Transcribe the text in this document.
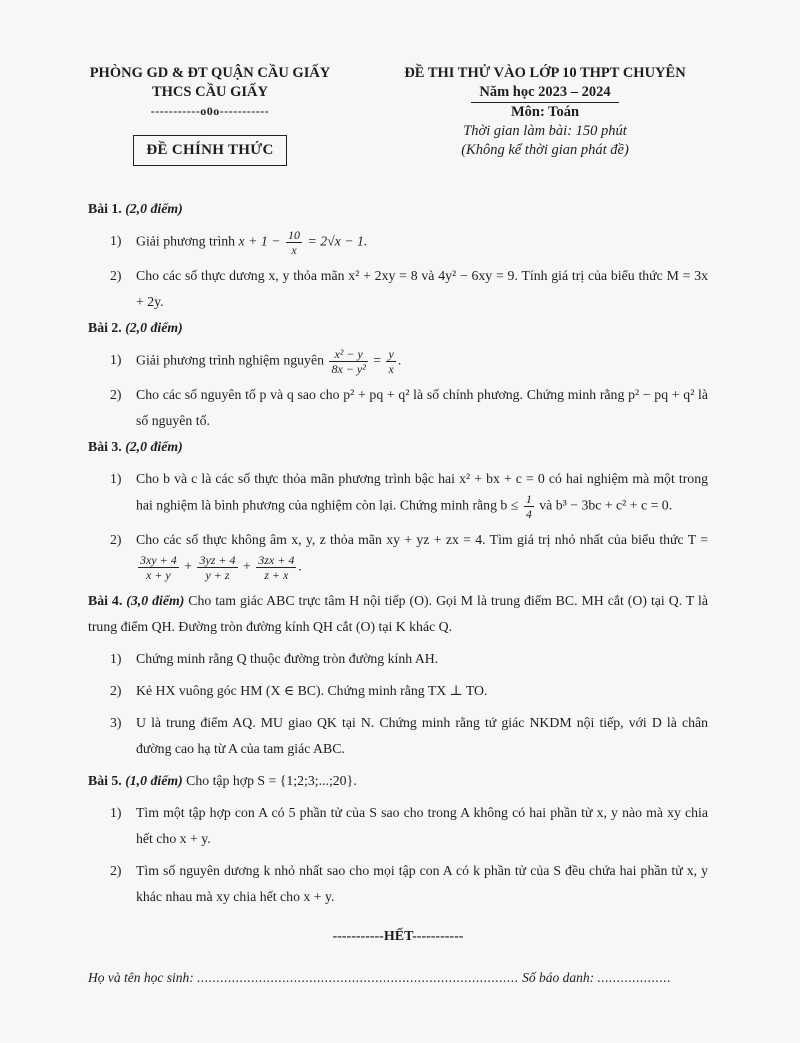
PHÒNG GD & ĐT QUẬN CẦU GIẤY
THCS CẦU GIẤY
-----------o0o-----------
ĐỀ CHÍNH THỨC
ĐỀ THI THỬ VÀO LỚP 10 THPT CHUYÊN
Năm học 2023 – 2024
Môn: Toán
Thời gian làm bài: 150 phút
(Không kể thời gian phát đề)
Bài 1. (2,0 điểm)
1)	Giải phương trình $x + 1 - \frac{10}{x} = 2√x - 1$.
2)	Cho các số thực dương x, y thỏa mãn x² + 2xy = 8 và 4y² − 6xy = 9. Tính giá trị của biểu thức M = 3x + 2y.
Bài 2. (2,0 điểm)
1)	Giải phương trình nghiệm nguyên $\frac{\text{x² − y}}{\text{8x − y²}} = \frac{y}{x}$ .
2)	Cho các số nguyên tố p và q sao cho p² + pq + q² là số chính phương. Chứng minh rằng p² − pq + q² là số nguyên tố.
Bài 3. (2,0 điểm)
1)	Cho b và c là các số thực thỏa mãn phương trình bậc hai x² + bx + c = 0 có hai nghiệm mà một trong hai nghiệm là bình phương của nghiệm còn lại. Chứng minh rằng $b \le \frac{1}{4}$ và b³ − 3bc + c² + c = 0.
2)	Cho các số thực không âm x, y, z thỏa mãn xy + yz + zx = 4. Tìm giá trị nhỏ nhất của biểu thức T =
$\frac{3xy + 4}{x + y} + \frac{3yz + 4}{y + z} + \frac{3zx + 4}{z + x}$ .
Bài 4. (3,0 điểm) Cho tam giác ABC trực tâm H nội tiếp (O). Gọi M là trung điểm BC. MH cắt (O) tại Q. T là trung điểm QH. Đường tròn đường kính QH cắt (O) tại K khác Q.
1)	Chứng minh rằng Q thuộc đường tròn đường kính AH.
2)	Kẻ HX vuông góc HM (X ∈ BC). Chứng minh rằng TX ⊥ TO.
3)	U là trung điểm AQ. MU giao QK tại N. Chứng minh rằng tứ giác NKDM nội tiếp, với D là chân đường cao hạ từ A của tam giác ABC.
Bài 5. (1,0 điểm) Cho tập hợp S = {1;2;3;...;20}.
1)	Tìm một tập hợp con A có 5 phần tử của S sao cho trong A không có hai phần tử x, y nào mà xy chia hết cho x + y.
2)	Tìm số nguyên dương k nhỏ nhất sao cho mọi tập con A có k phần tử của S đều chứa hai phần tử x, y khác nhau mà xy chia hết cho x + y.
-----------HẾT-----------
Họ và tên học sinh: ................................................................................... Số báo danh: ...................
